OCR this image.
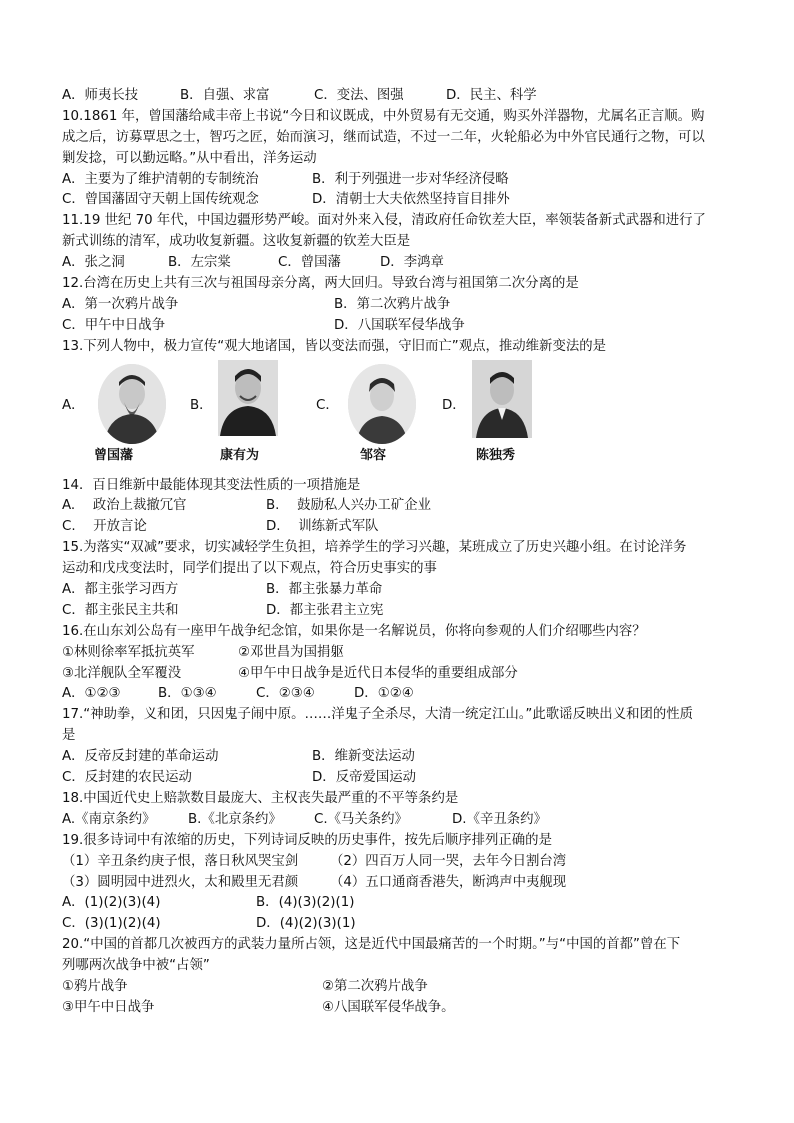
A．师夷长技	B．自强、求富	C．变法、图强	D．民主、科学
10.1861 年，曾国藩给咸丰帝上书说“今日和议既成，中外贸易有无交通，购买外洋器物，尤属名正言顺。购
成之后，访募覃思之士，智巧之匠，始而演习，继而试造，不过一二年，火轮船必为中外官民通行之物，可以
剿发捻，可以勤远略。”从中看出，洋务运动
A．主要为了维护清朝的专制统治	B．利于列强进一步对华经济侵略
C．曾国藩固守天朝上国传统观念	D．清朝士大夫依然坚持盲目排外
11.19 世纪 70 年代，中国边疆形势严峻。面对外来入侵，清政府任命钦差大臣，率领装备新式武器和进行了
新式训练的清军，成功收复新疆。这收复新疆的钦差大臣是
A．张之洞	B．左宗棠	C．曾国藩	D．李鸿章
12.台湾在历史上共有三次与祖国母亲分离，两大回归。导致台湾与祖国第二次分离的是
A．第一次鸦片战争	B．第二次鸦片战争
C．甲午中日战争	D．八国联军侵华战争
13.下列人物中，极力宣传“观大地诸国，皆以变法而强，守旧而亡”观点，推动维新变法的是
A．
曾国藩
B．
康有为
C．
邹容
D．
陈独秀
14．百日维新中最能体现其变法性质的一项措施是
A.　 政治上裁撤冗官	B.　 鼓励私人兴办工矿企业
C.　 开放言论	D.　 训练新式军队
15.为落实“双减”要求，切实减轻学生负担，培养学生的学习兴趣，某班成立了历史兴趣小组。在讨论洋务
运动和戊戌变法时，同学们提出了以下观点，符合历史事实的事
A．都主张学习西方	B．都主张暴力革命
C．都主张民主共和	D．都主张君主立宪
16.在山东刘公岛有一座甲午战争纪念馆，如果你是一名解说员，你将向参观的人们介绍哪些内容？
①林则徐率军抵抗英军	②邓世昌为国捐躯
③北洋舰队全军覆没	④甲午中日战争是近代日本侵华的重要组成部分
A．①②③	B．①③④	C．②③④	D．①②④
17.“神助拳，义和团，只因鬼子闹中原。……洋鬼子全杀尽，大清一统定江山。”此歌谣反映出义和团的性质
是
A．反帝反封建的革命运动	B．维新变法运动
C．反封建的农民运动	D．反帝爱国运动
18.中国近代史上赔款数目最庞大、主权丧失最严重的不平等条约是
A.《南京条约》 B.《北京条约》 C.《马关条约》	D.《辛丑条约》
19.很多诗词中有浓缩的历史，下列诗词反映的历史事件，按先后顺序排列正确的是
（1）辛丑条约庚子恨，落日秋风哭宝剑 （2）四百万人同一哭，去年今日割台湾
（3）圆明园中进烈火，太和殿里无君颜 （4）五口通商香港失，断鸿声中夷舰现
A．(1)(2)(3)(4)	B．(4)(3)(2)(1)
C．(3)(1)(2)(4)	D．(4)(2)(3)(1)
20.“中国的首都几次被西方的武装力量所占领，这是近代中国最痛苦的一个时期。”与“中国的首都”曾在下
列哪两次战争中被“占领”
①鸦片战争	②第二次鸦片战争
③甲午中日战争	④八国联军侵华战争。
